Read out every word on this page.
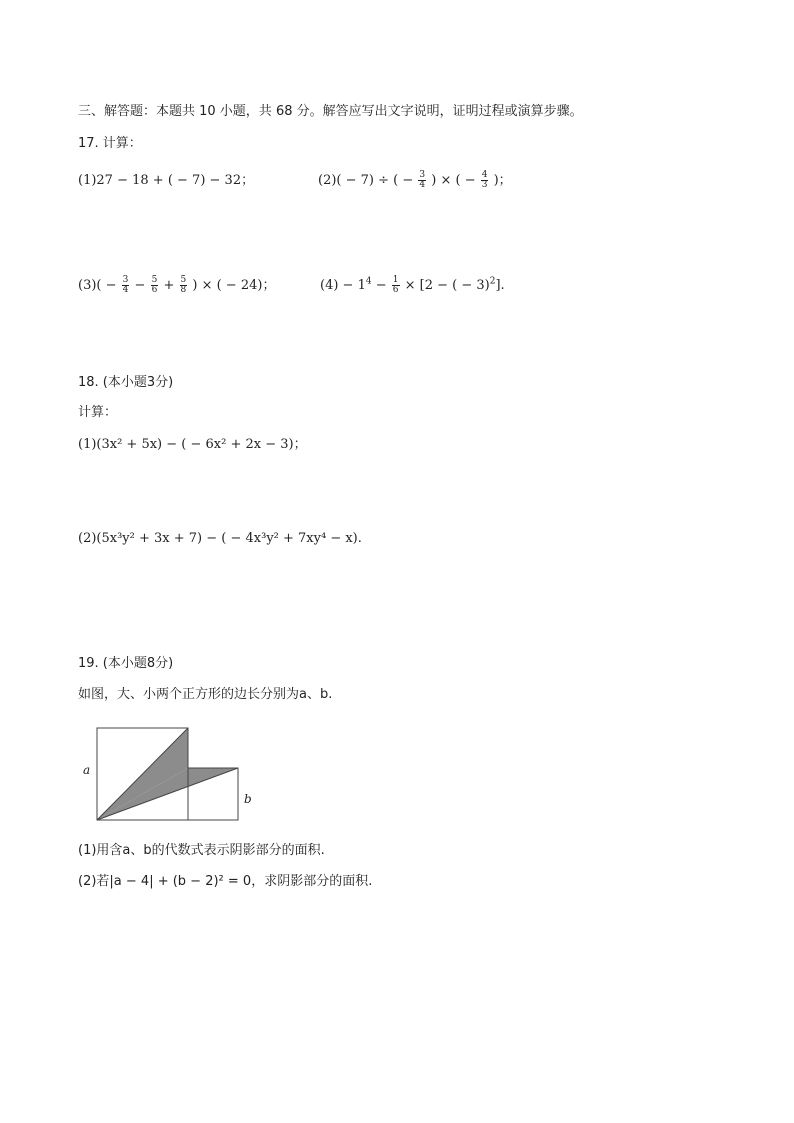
三、解答题：本题共 10 小题，共 68 分。解答应写出文字说明，证明过程或演算步骤。
17. 计算：
(1)27 − 18 + ( − 7) − 32；	(2)( − 7) ÷ ( − $\frac{3}{4}$ ) × ( − $\frac{4}{3}$ )；
$(3)( - \frac{3}{4} - \frac{5}{6} + \frac{5}{8}$ ) × ( − 24)；	$(4) - 1^4 - \frac{1}{6} \times [2$ − ( − 3)$^2$].
18. (本小题3分)
计算：
(1)(3x² + 5x) − ( − 6x² + 2x − 3)；
(2)(5x³y² + 3x + 7) − ( − 4x³y² + 7xy⁴ − x).
19. (本小题8分)
如图，大、小两个正方形的边长分别为a、b.
a
b
(1)用含a、b的代数式表示阴影部分的面积.
(2)若|a − 4| + (b − 2)² = 0，求阴影部分的面积.
